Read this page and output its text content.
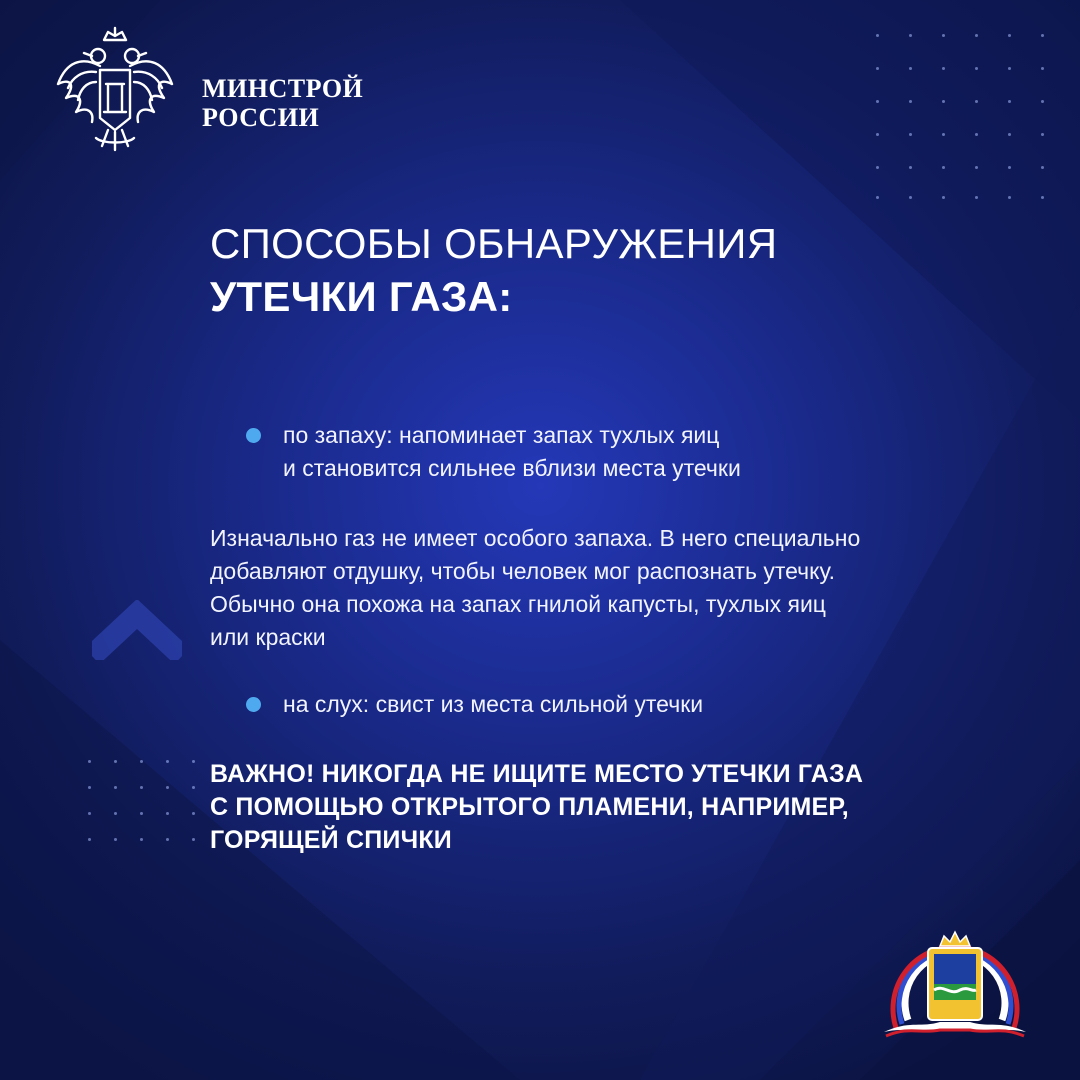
МИНСТРОЙ
РОССИИ
СПОСОБЫ ОБНАРУЖЕНИЯ
УТЕЧКИ ГАЗА:
по запаху: напоминает запах тухлых яиц
и становится сильнее вблизи места утечки
Изначально газ не имеет особого запаха. В него специально
добавляют отдушку, чтобы человек мог распознать утечку.
Обычно она похожа на запах гнилой капусты, тухлых яиц
или краски
на слух: свист из места сильной утечки
ВАЖНО! НИКОГДА НЕ ИЩИТЕ МЕСТО УТЕЧКИ ГАЗА
С ПОМОЩЬЮ ОТКРЫТОГО ПЛАМЕНИ, НАПРИМЕР,
ГОРЯЩЕЙ СПИЧКИ
